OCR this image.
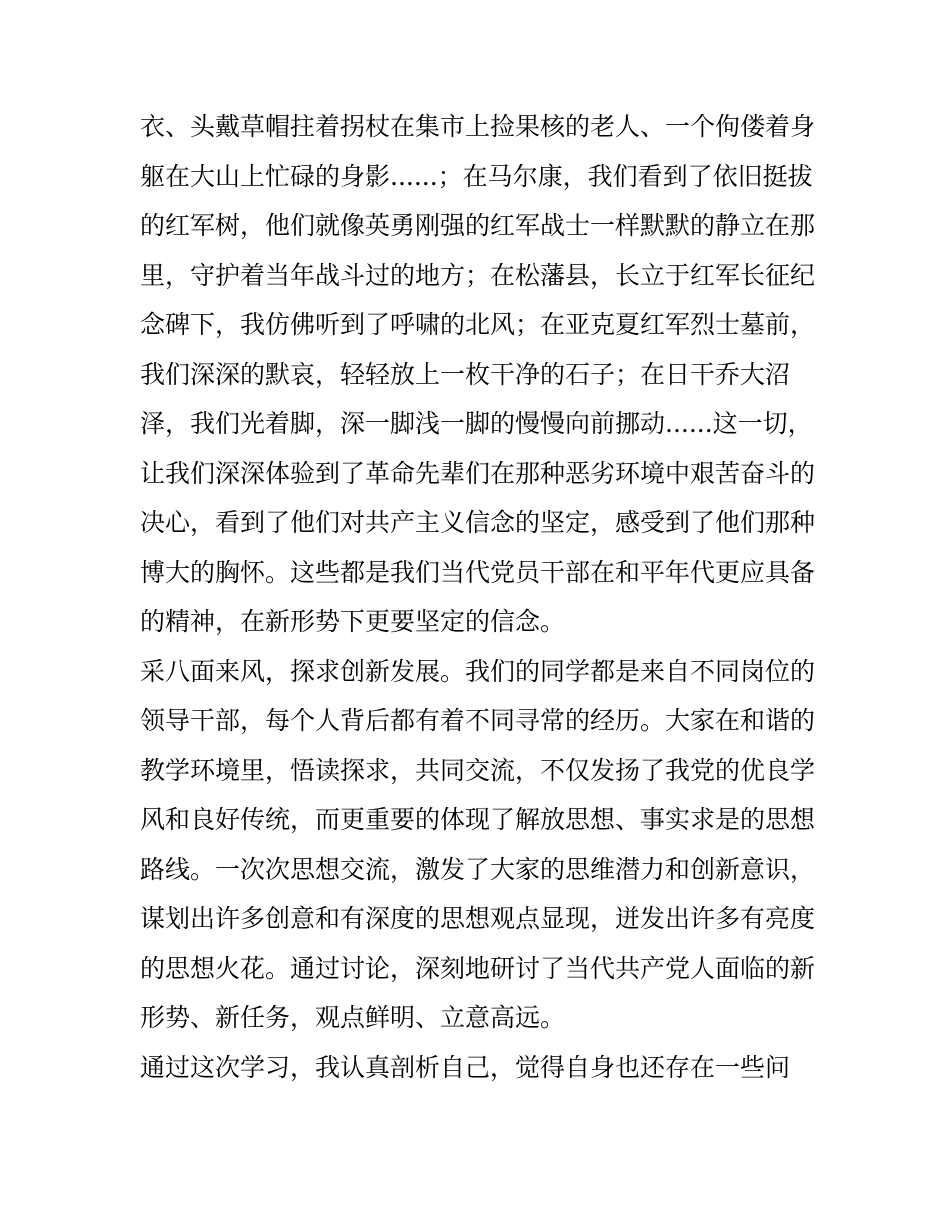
衣、头戴草帽拄着拐杖在集市上捡果核的老人、一个佝偻着身
躯在大山上忙碌的身影......；在马尔康，我们看到了依旧挺拔
的红军树，他们就像英勇刚强的红军战士一样默默的静立在那
里，守护着当年战斗过的地方；在松藩县，长立于红军长征纪
念碑下，我仿佛听到了呼啸的北风；在亚克夏红军烈士墓前，
我们深深的默哀，轻轻放上一枚干净的石子；在日干乔大沼
泽，我们光着脚，深一脚浅一脚的慢慢向前挪动......这一切，
让我们深深体验到了革命先辈们在那种恶劣环境中艰苦奋斗的
决心，看到了他们对共产主义信念的坚定，感受到了他们那种
博大的胸怀。这些都是我们当代党员干部在和平年代更应具备
的精神，在新形势下更要坚定的信念。
采八面来风，探求创新发展。我们的同学都是来自不同岗位的
领导干部，每个人背后都有着不同寻常的经历。大家在和谐的
教学环境里，悟读探求，共同交流，不仅发扬了我党的优良学
风和良好传统，而更重要的体现了解放思想、事实求是的思想
路线。一次次思想交流，激发了大家的思维潜力和创新意识，
谋划出许多创意和有深度的思想观点显现，迸发出许多有亮度
的思想火花。通过讨论，深刻地研讨了当代共产党人面临的新
形势、新任务，观点鲜明、立意高远。
通过这次学习，我认真剖析自己，觉得自身也还存在一些问
